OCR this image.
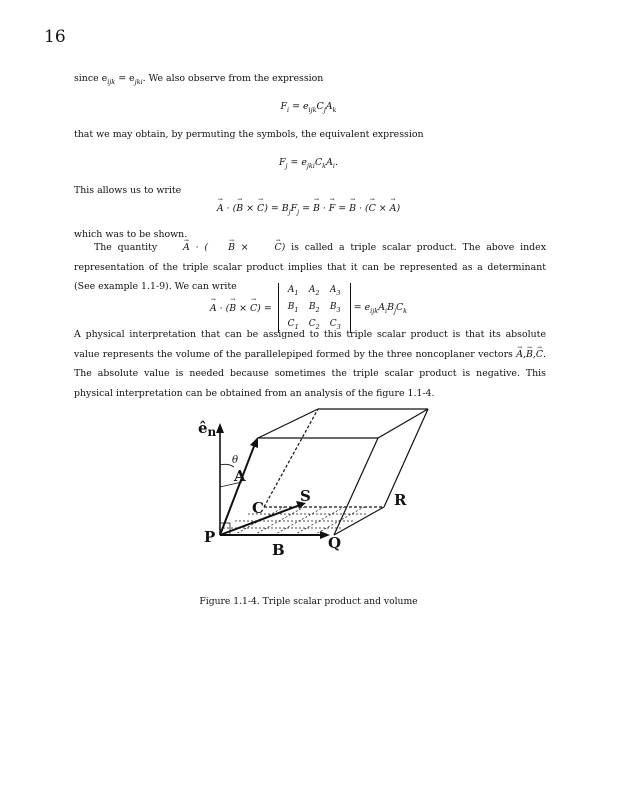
16
since $e_{ijk} = e_{jki}$. We also observe from the expression
$F_i = e_{ijk}C_jA_k$
that we may obtain, by permuting the symbols, the equivalent expression
$F_j = e_{jki}C_kA_i$.
This allows us to write
→ A · (→ B × → $C) = B_jF_j$ = → B · → F = → B · (→ C × → A)
which was to be shown.
The quantity → A · ( → B × → C) is called a triple scalar product. The above index representation of the triple scalar product implies that it can be represented as a determinant (See example 1.1-9). We can write
→ A · (→ B × → C) =
$A_1$	$A_2$	$A_3$
$B_1$	$B_2$	$B_3$
$C_1$	$C_2$	$C_3$
= $e_{ijk}A_iB_jC_k$
A physical interpretation that can be assigned to this triple scalar product is that its absolute value represents the volume of the parallelepiped formed by the three noncoplaner vectors → A,→ B,→ C. The absolute value is needed because sometimes the triple scalar product is negative. This physical interpretation can be obtained from an analysis of the figure 1.1-4.
$ê_n$
θ
A
C
S	R
P
B	Q
Figure 1.1-4. Triple scalar product and volume
